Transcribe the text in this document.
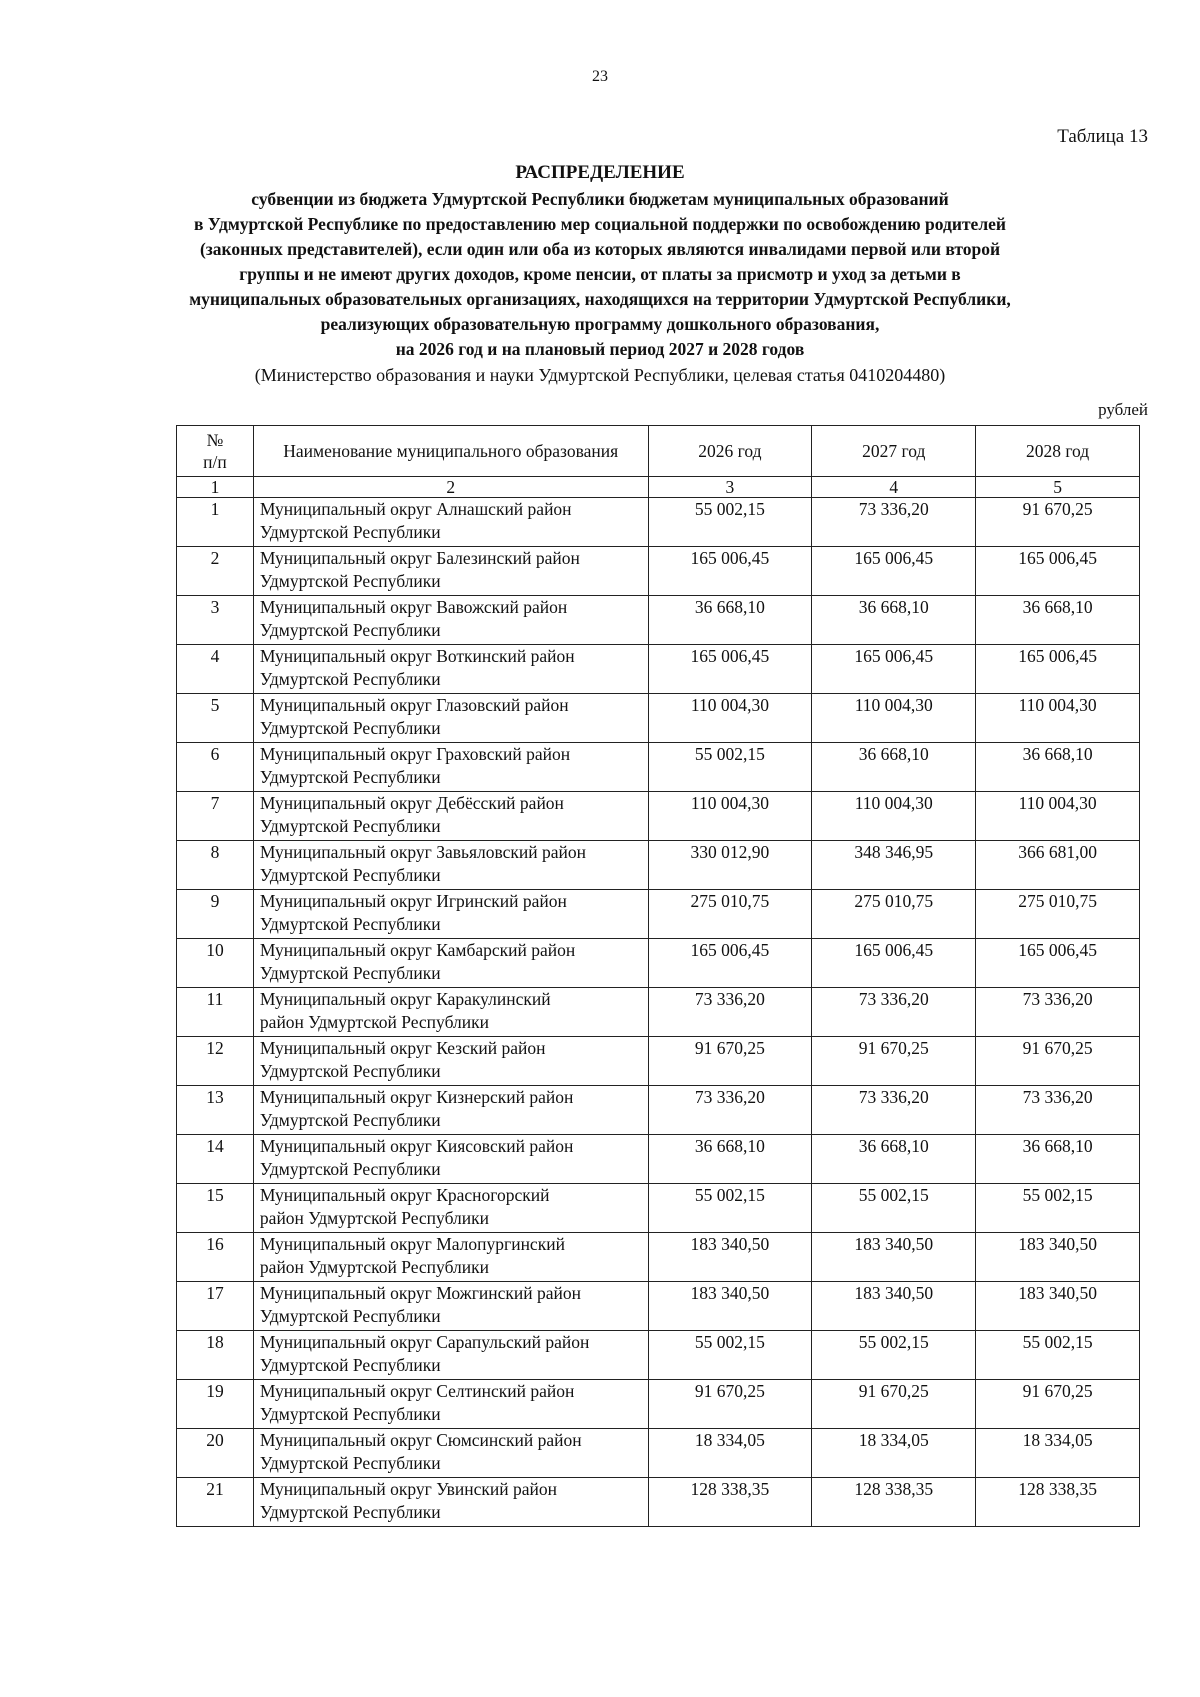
23
Таблица 13
РАСПРЕДЕЛЕНИЕ
субвенции из бюджета Удмуртской Республики бюджетам муниципальных образований
в Удмуртской Республике по предоставлению мер социальной поддержки по освобождению родителей
(законных представителей), если один или оба из которых являются инвалидами первой или второй
группы и не имеют других доходов, кроме пенсии, от платы за присмотр и уход за детьми в
муниципальных образовательных организациях, находящихся на территории Удмуртской Республики,
реализующих образовательную программу дошкольного образования,
на 2026 год и на плановый период 2027 и 2028 годов
(Министерство образования и науки Удмуртской Республики, целевая статья 0410204480)
рублей
№
п/п	Наименование муниципального образования	2026 год	2027 год	2028 год
1	2	3	4	5
1	Муниципальный округ Алнашский район
Удмуртской Республики	55 002,15	73 336,20	91 670,25
2	Муниципальный округ Балезинский район
Удмуртской Республики	165 006,45	165 006,45	165 006,45
3	Муниципальный округ Вавожский район
Удмуртской Республики	36 668,10	36 668,10	36 668,10
4	Муниципальный округ Воткинский район
Удмуртской Республики	165 006,45	165 006,45	165 006,45
5	Муниципальный округ Глазовский район
Удмуртской Республики	110 004,30	110 004,30	110 004,30
6	Муниципальный округ Граховский район
Удмуртской Республики	55 002,15	36 668,10	36 668,10
7	Муниципальный округ Дебёсский район
Удмуртской Республики	110 004,30	110 004,30	110 004,30
8	Муниципальный округ Завьяловский район
Удмуртской Республики	330 012,90	348 346,95	366 681,00
9	Муниципальный округ Игринский район
Удмуртской Республики	275 010,75	275 010,75	275 010,75
10	Муниципальный округ Камбарский район
Удмуртской Республики	165 006,45	165 006,45	165 006,45
11	Муниципальный округ Каракулинский
район Удмуртской Республики	73 336,20	73 336,20	73 336,20
12	Муниципальный округ Кезский район
Удмуртской Республики	91 670,25	91 670,25	91 670,25
13	Муниципальный округ Кизнерский район
Удмуртской Республики	73 336,20	73 336,20	73 336,20
14	Муниципальный округ Киясовский район
Удмуртской Республики	36 668,10	36 668,10	36 668,10
15	Муниципальный округ Красногорский
район Удмуртской Республики	55 002,15	55 002,15	55 002,15
16	Муниципальный округ Малопургинский
район Удмуртской Республики	183 340,50	183 340,50	183 340,50
17	Муниципальный округ Можгинский район
Удмуртской Республики	183 340,50	183 340,50	183 340,50
18	Муниципальный округ Сарапульский район
Удмуртской Республики	55 002,15	55 002,15	55 002,15
19	Муниципальный округ Селтинский район
Удмуртской Республики	91 670,25	91 670,25	91 670,25
20	Муниципальный округ Сюмсинский район
Удмуртской Республики	18 334,05	18 334,05	18 334,05
21	Муниципальный округ Увинский район
Удмуртской Республики	128 338,35	128 338,35	128 338,35
